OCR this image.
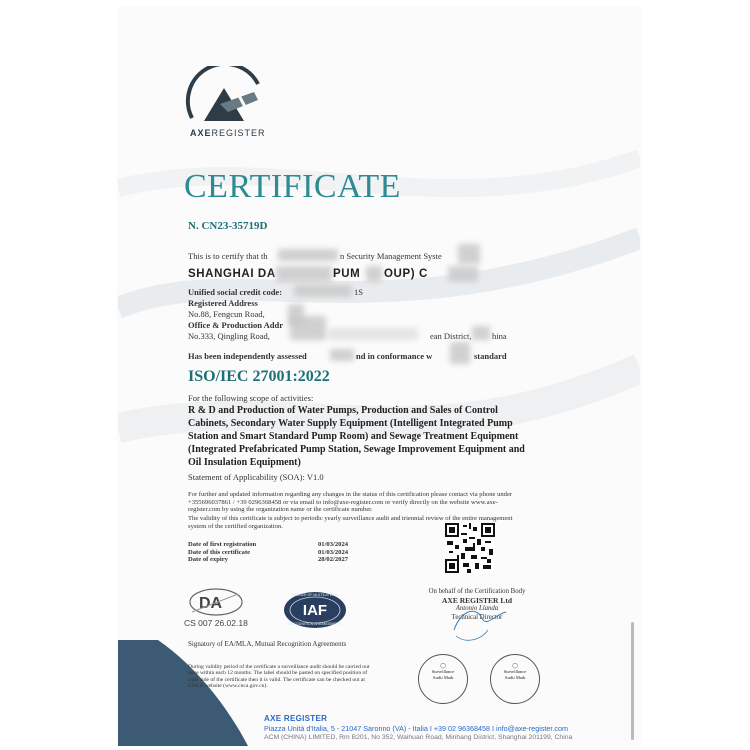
AXEREGISTER
CERTIFICATE
N. CN23-35719D
This is to certify that th	n Security Management Syste
SHANGHAI DA	PUM OUP) C
Unified social credit code:	1S
Registered Address
No.88, Fengcun Road,
Office & Production Addr
No.333, Qingling Road,	ean District, hina
Has been independently assessed	nd in conformance w	standard
ISO/IEC 27001:2022
For the following scope of activities:
R & D and Production of Water Pumps, Production and Sales of Control Cabinets, Secondary Water Supply Equipment (Intelligent Integrated Pump Station and Smart Standard Pump Room) and Sewage Treatment Equipment (Integrated Prefabricated Pump Station, Sewage Improvement Equipment and Oil Insulation Equipment)
Statement of Applicability (SOA): V1.0
For further and updated information regarding any changes in the status of this certification please contact via phone under +355696037861 / +39 0296368458 or via email to info@axe-register.com or verify directly on the website www.axe-register.com by using the organization name or the certificate number.
The validity of this certificate is subject to periodic yearly surveillance audit and triennial review of the entire management system of the certified organization.
Date of first registration	01/03/2024
Date of this certificate	01/03/2024
Date of expiry	28/02/2027
DA
CS 007 26.02.18
IAF
MEMBER OF MULTILATERAL
RECOGNITION ARRANGEMENT
Signatory of EA/MLA, Mutual Recognition Agreements
On behalf of the Certification Body
AXE REGISTER Ltd
Antonio Llanda
Technical Director
During validity period of the certificate a surveillance audit should be carried out once within each 12 months. The label should be pasted on specified position of right side of the certificate then it is valid. The certificate can be checked out at CNCA website (www.cnca.gov.cn).
◯
Surveillance Audit Mark
◯
Surveillance Audit Mark
AXE REGISTER
Piazza Unità d'Italia, 5 - 21047 Saronno (VA) - Italia I +39 02 96368458 I info@axe-register.com
ACM (CHINA) LIMITED, Rm B201, No 352, Waihuan Road, Minhang District, Shanghai 201199, China
